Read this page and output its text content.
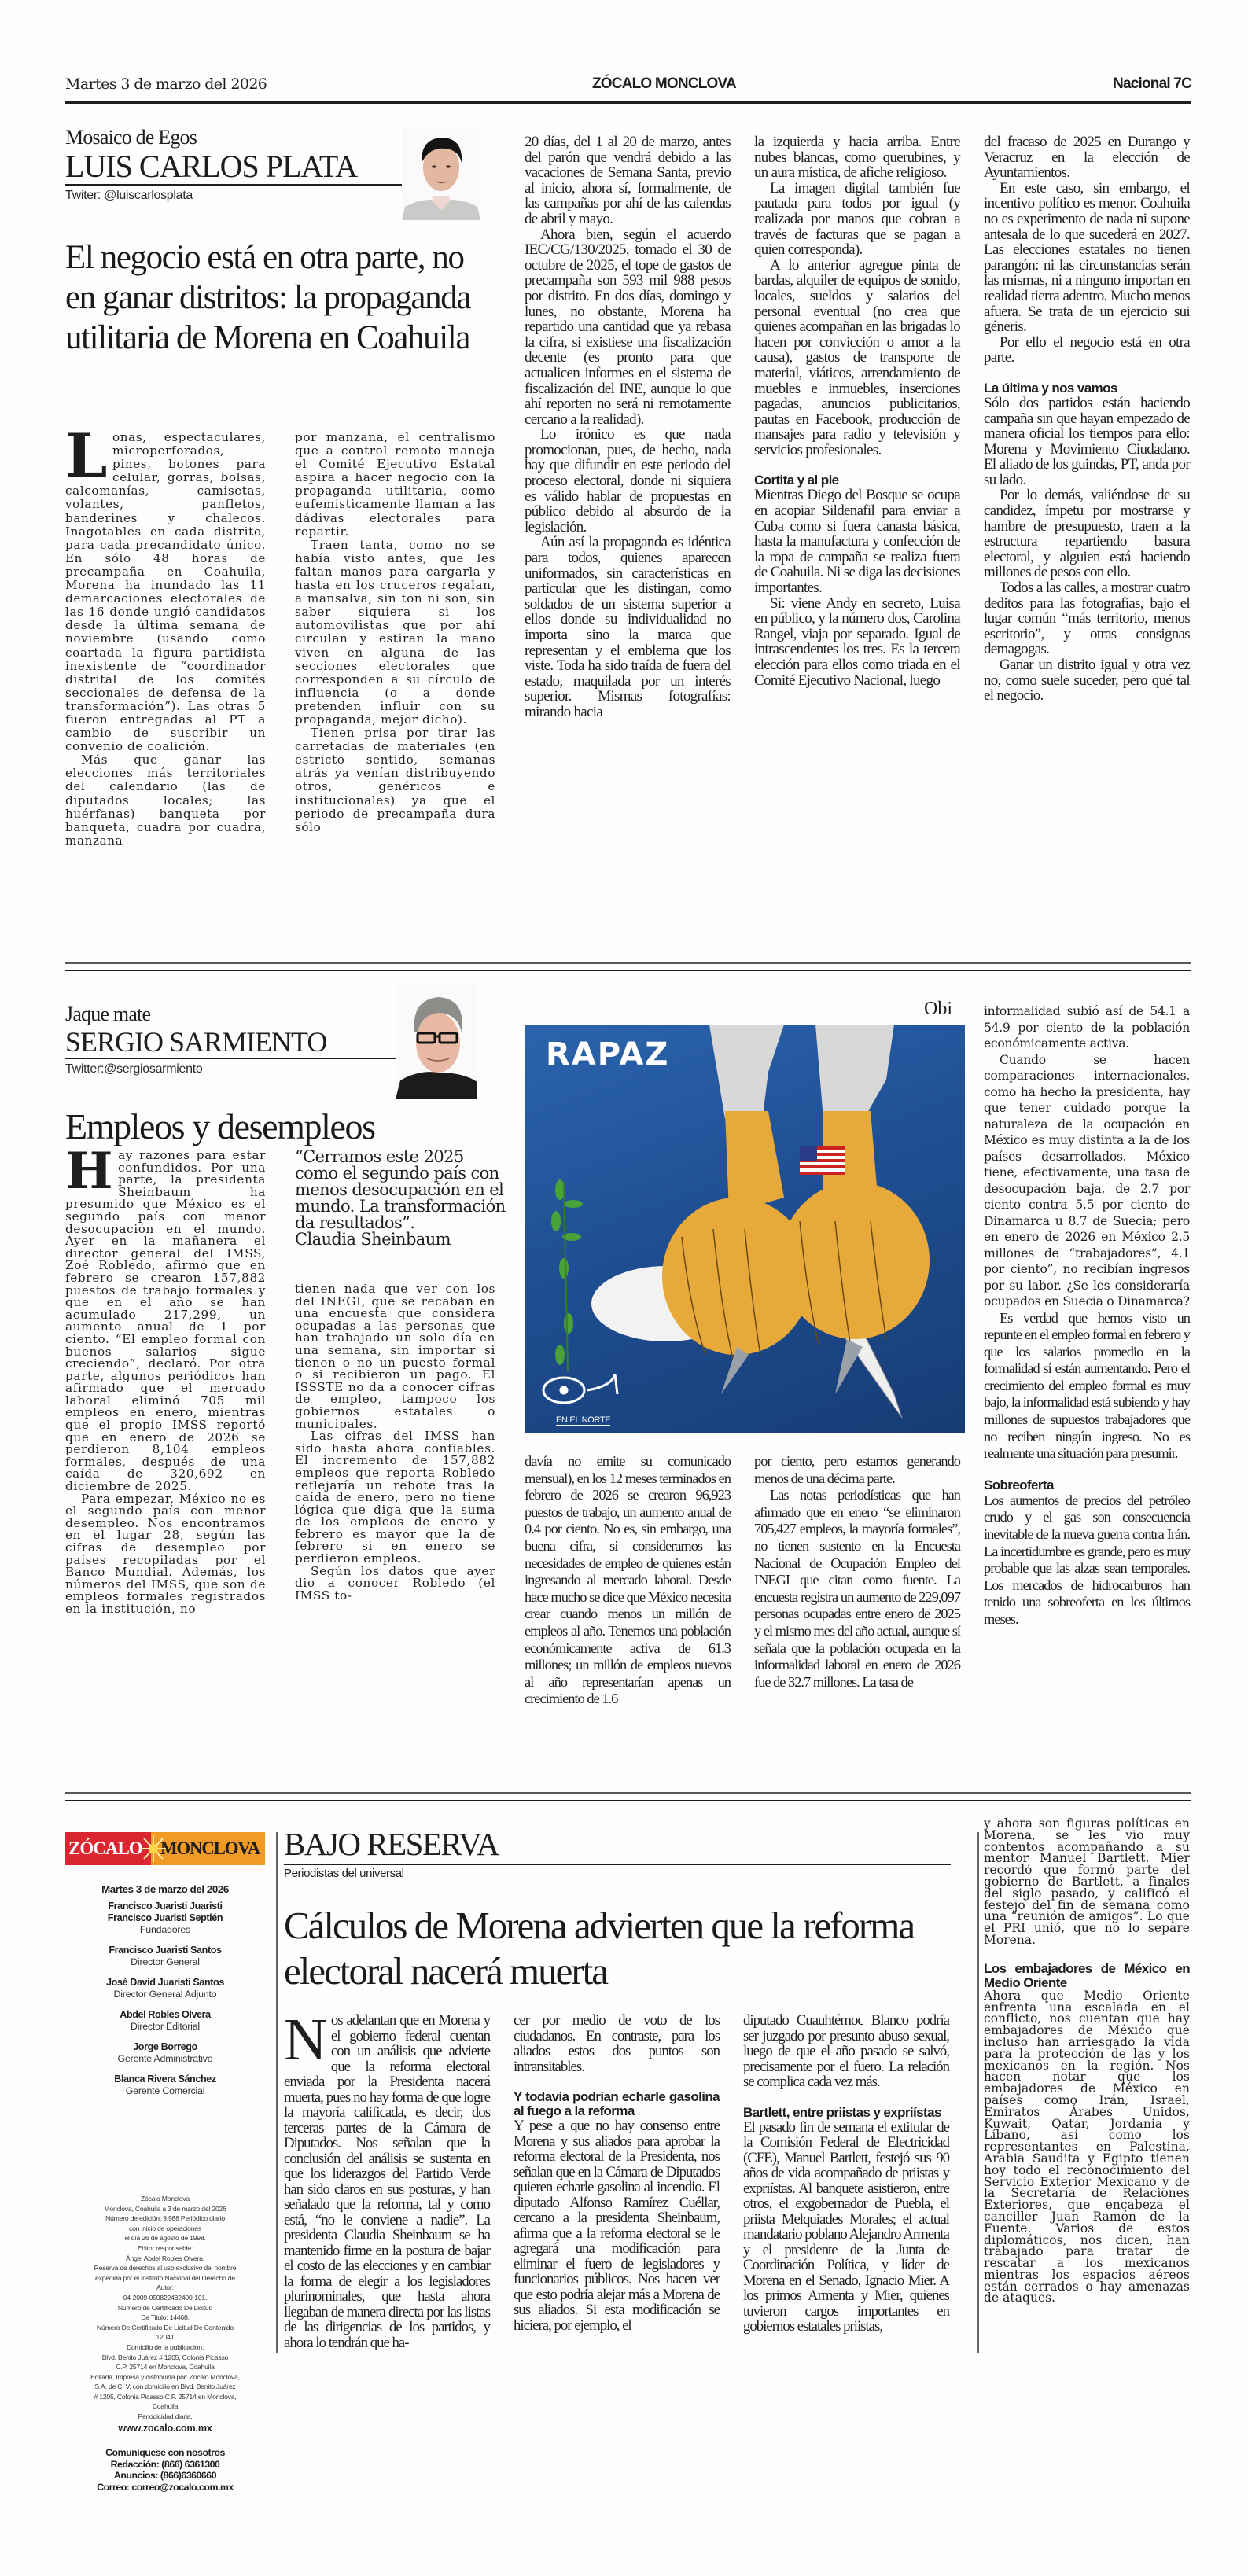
Martes 3 de marzo del 2026	ZÓCALO MONCLOVA	Nacional 7C
Mosaico de Egos
LUIS CARLOS PLATA
Twiter: @luiscarlosplata
El negocio está en otra parte, no en ganar distritos: la propaganda utilitaria de Morena en Coahuila

Lonas, espectaculares, microperforados, pines, botones para celular, gorras, bolsas, calcomanías, camisetas, volantes, panfletos, banderines y chalecos. Inagotables en cada distrito, para cada precandidato único. En sólo 48 horas de precampaña en Coahuila, Morena ha inundado las 11 demarcaciones electorales de las 16 donde ungió candidatos desde la última semana de noviembre (usando como coartada la figura partidista inexistente de “coordinador distrital de los comités seccionales de defensa de la transformación”). Las otras 5 fueron entregadas al PT a cambio de suscribir un convenio de coalición.

Más que ganar las elecciones más territoriales del calendario (las de diputados locales; las huérfanas) banqueta por banqueta, cuadra por cuadra, manzana

por manzana, el centralismo que a control remoto maneja el Comité Ejecutivo Estatal aspira a hacer negocio con la propaganda utilitaria, como eufemísticamente llaman a las dádivas electorales para repartir.

Traen tanta, como no se había visto antes, que les faltan manos para cargarla y hasta en los cruceros regalan, a mansalva, sin ton ni son, sin saber siquiera si los automovilistas que por ahí circulan y estiran la mano viven en alguna de las secciones electorales que corresponden a su círculo de influencia (o a donde pretenden influir con su propaganda, mejor dicho).

Tienen prisa por tirar las carretadas de materiales (en estricto sentido, semanas atrás ya venían distribuyendo otros, genéricos e institucionales) ya que el periodo de precampaña dura sólo

20 días, del 1 al 20 de marzo, antes del parón que vendrá debido a las vacaciones de Semana Santa, previo al inicio, ahora sí, formalmente, de las campañas por ahí de las calendas de abril y mayo.

Ahora bien, según el acuerdo IEC/CG/130/2025, tomado el 30 de octubre de 2025, el tope de gastos de precampaña son 593 mil 988 pesos por distrito. En dos días, domingo y lunes, no obstante, Morena ha repartido una cantidad que ya rebasa la cifra, si existiese una fiscalización decente (es pronto para que actualicen informes en el sistema de fiscalización del INE, aunque lo que ahí reporten no será ni remotamente cercano a la realidad).

Lo irónico es que nada promocionan, pues, de hecho, nada hay que difundir en este periodo del proceso electoral, donde ni siquiera es válido hablar de propuestas en público debido al absurdo de la legislación.

Aún así la propaganda es idéntica para todos, quienes aparecen uniformados, sin características en particular que les distingan, como soldados de un sistema superior a ellos donde su individualidad no importa sino la marca que representan y el emblema que los viste. Toda ha sido traída de fuera del estado, maquilada por un interés superior. Mismas fotografías: mirando hacia

la izquierda y hacia arriba. Entre nubes blancas, como querubines, y un aura mística, de afiche religioso.

La imagen digital también fue pautada para todos por igual (y realizada por manos que cobran a través de facturas que se pagan a quien corresponda).

A lo anterior agregue pinta de bardas, alquiler de equipos de sonido, locales, sueldos y salarios del personal eventual (no crea que quienes acompañan en las brigadas lo hacen por convicción o amor a la causa), gastos de transporte de material, viáticos, arrendamiento de muebles e inmuebles, inserciones pagadas, anuncios publicitarios, pautas en Facebook, producción de mansajes para radio y televisión y servicios profesionales.

Cortita y al pie

Mientras Diego del Bosque se ocupa en acopiar Sildenafil para enviar a Cuba como si fuera canasta básica, hasta la manufactura y confección de la ropa de campaña se realiza fuera de Coahuila. Ni se diga las decisiones importantes.

Sí: viene Andy en secreto, Luisa en público, y la número dos, Carolina Rangel, viaja por separado. Igual de intrascendentes los tres. Es la tercera elección para ellos como triada en el Comité Ejecutivo Nacional, luego

del fracaso de 2025 en Durango y Veracruz en la elección de Ayuntamientos.

En este caso, sin embargo, el incentivo político es menor. Coahuila no es experimento de nada ni supone antesala de lo que sucederá en 2027. Las elecciones estatales no tienen parangón: ni las circunstancias serán las mismas, ni a ninguno importan en realidad tierra adentro. Mucho menos afuera. Se trata de un ejercicio sui géneris.

Por ello el negocio está en otra parte.

La última y nos vamos

Sólo dos partidos están haciendo campaña sin que hayan empezado de manera oficial los tiempos para ello: Morena y Movimiento Ciudadano. El aliado de los guindas, PT, anda por su lado.

Por lo demás, valiéndose de su candidez, ímpetu por mostrarse y hambre de presupuesto, traen a la estructura repartiendo basura electoral, y alguien está haciendo millones de pesos con ello.

Todos a las calles, a mostrar cuatro deditos para las fotografías, bajo el lugar común “más territorio, menos escritorio”, y otras consignas demagogas.

Ganar un distrito igual y otra vez no, como suele suceder, pero qué tal el negocio.

Jaque mate
SERGIO SARMIENTO
Twitter:@sergiosarmiento
Empleos y desempleos

Hay razones para estar confundidos. Por una parte, la presidenta Sheinbaum ha presumido que México es el segundo país con menor desocupación en el mundo. Ayer en la mañanera el director general del IMSS, Zoé Robledo, afirmó que en febrero se crearon 157,882 puestos de trabajo formales y que en el año se han acumulado 217,299, un aumento anual de 1 por ciento. “El empleo formal con buenos salarios sigue creciendo”, declaró. Por otra parte, algunos periódicos han afirmado que el mercado laboral eliminó 705 mil empleos en enero, mientras que el propio IMSS reportó que en enero de 2026 se perdieron 8,104 empleos formales, después de una caída de 320,692 en diciembre de 2025.

Para empezar, México no es el segundo país con menor desempleo. Nos encontramos en el lugar 28, según las cifras de desempleo por países recopiladas por el Banco Mundial. Además, los números del IMSS, que son de empleos formales registrados en la institución, no

“Cerramos este 2025 como el segundo país con menos desocupación en el mundo. La transformación da resultados”.
Claudia Sheinbaum

tienen nada que ver con los del INEGI, que se recaban en una encuesta que considera ocupadas a las personas que han trabajado un solo día en una semana, sin importar si tienen o no un puesto formal o si recibieron un pago. El ISSSTE no da a conocer cifras de empleo, tampoco los gobiernos estatales o municipales.

Las cifras del IMSS han sido hasta ahora confiables. El incremento de 157,882 empleos que reporta Robledo reflejaría un rebote tras la caída de enero, pero no tiene lógica que diga que la suma de los empleos de enero y febrero es mayor que la de febrero si en enero se perdieron empleos.

Según los datos que ayer dio a conocer Robledo (el IMSS to-

Obi
RAPAZ
EN EL NORTE

davía no emite su comunicado mensual), en los 12 meses terminados en febrero de 2026 se crearon 96,923 puestos de trabajo, un aumento anual de 0.4 por ciento. No es, sin embargo, una buena cifra, si consideramos las necesidades de empleo de quienes están ingresando al mercado laboral. Desde hace mucho se dice que México necesita crear cuando menos un millón de empleos al año. Tenemos una población económicamente activa de 61.3 millones; un millón de empleos nuevos al año representarían apenas un crecimiento de 1.6

por ciento, pero estamos generando menos de una décima parte.

Las notas periodísticas que han afirmado que en enero “se eliminaron 705,427 empleos, la mayoría formales”, no tienen sustento en la Encuesta Nacional de Ocupación Empleo del INEGI que citan como fuente. La encuesta registra un aumento de 229,097 personas ocupadas entre enero de 2025 y el mismo mes del año actual, aunque sí señala que la población ocupada en la informalidad laboral en enero de 2026 fue de 32.7 millones. La tasa de

informalidad subió así de 54.1 a 54.9 por ciento de la población económicamente activa.

Cuando se hacen comparaciones internacionales, como ha hecho la presidenta, hay que tener cuidado porque la naturaleza de la ocupación en México es muy distinta a la de los países desarrollados. México tiene, efectivamente, una tasa de desocupación baja, de 2.7 por ciento contra 5.5 por ciento de Dinamarca u 8.7 de Suecia; pero en enero de 2026 en México 2.5 millones de “trabajadores”, 4.1 por ciento”, no recibían ingresos por su labor. ¿Se les consideraría ocupados en Suecia o Dinamarca?

Es verdad que hemos visto un repunte en el empleo formal en febrero y que los salarios promedio en la formalidad sí están aumentando. Pero el crecimiento del empleo formal es muy bajo, la informalidad está subiendo y hay millones de supuestos trabajadores que no reciben ningún ingreso. No es realmente una situación para presumir.

Sobreoferta

Los aumentos de precios del petróleo crudo y el gas son consecuencia inevitable de la nueva guerra contra Irán. La incertidumbre es grande, pero es muy probable que las alzas sean temporales. Los mercados de hidrocarburos han tenido una sobreoferta en los últimos meses.

ZÓCALO	MONCLOVA
Martes 3 de marzo del 2026
Francisco Juaristi Juaristi
Francisco Juaristi Septién
Fundadores
Francisco Juaristi Santos
Director General
José David Juaristi Santos
Director General Adjunto
Abdel Robles Olvera
Director Editorial
Jorge Borrego
Gerente Administrativo
Blanca Rivera Sánchez
Gerente Comercial
Zócalo Monclova
Monclova, Coahuila a 3 de marzo del 2026
Número de edición: 9,988 Periódico diario
con inicio de operaciones
el día 26 de agosto de 1998.
Editor responsable:
Ángel Abdel Robles Olvera.
Reserva de derechos al uso exclusivo del nombre
expedida por el Instituto Nacional del Derecho de
Autor:
04-2009-050822432400-101.
Número de Certificado De Licitud
De Titulo: 14468.
Número De Certificado De Licitud De Contenido
12041
Domicilio de la publicación:
Blvd. Benito Juárez # 1205, Colonia Picasso
C.P. 25714 en Monclova, Coahuila
Editada, Impresa y distribuida por: Zócalo Monclova,
S.A. de C. V. con domicilio en Blvd. Benito Juárez
# 1205, Colonia Picasso C.P. 25714 en Monclova,
Coahuila
Periodicidad diaria.
www.zocalo.com.mx
Comuníquese con nosotros
Redacción: (866) 6361300
Anuncios: (866)6360660
Correo: correo@zocalo.com.mx
BAJO RESERVA
Periodistas del universal
Cálculos de Morena advierten que la reforma electoral nacerá muerta

Nos adelantan que en Morena y el gobierno federal cuentan con un análisis que advierte que la reforma electoral enviada por la Presidenta nacerá muerta, pues no hay forma de que logre la mayoría calificada, es decir, dos terceras partes de la Cámara de Diputados. Nos señalan que la conclusión del análisis se sustenta en que los liderazgos del Partido Verde han sido claros en sus posturas, y han señalado que la reforma, tal y como está, “no le conviene a nadie”. La presidenta Claudia Sheinbaum se ha mantenido firme en la postura de bajar el costo de las elecciones y en cambiar la forma de elegir a los legisladores plurinominales, que hasta ahora llegaban de manera directa por las listas de las dirigencias de los partidos, y ahora lo tendrán que ha-

cer por medio de voto de los ciudadanos. En contraste, para los aliados estos dos puntos son intransitables.

Y todavía podrían echarle gasolina al fuego a la reforma

Y pese a que no hay consenso entre Morena y sus aliados para aprobar la reforma electoral de la Presidenta, nos señalan que en la Cámara de Diputados quieren echarle gasolina al incendio. El diputado Alfonso Ramírez Cuéllar, cercano a la presidenta Sheinbaum, afirma que a la reforma electoral se le agregará una modificación para eliminar el fuero de legisladores y funcionarios públicos. Nos hacen ver que esto podría alejar más a Morena de sus aliados. Si esta modificación se hiciera, por ejemplo, el

diputado Cuauhtémoc Blanco podría ser juzgado por presunto abuso sexual, luego de que el año pasado se salvó, precisamente por el fuero. La relación se complica cada vez más.

Bartlett, entre priistas y expriístas

El pasado fin de semana el extitular de la Comisión Federal de Electricidad (CFE), Manuel Bartlett, festejó sus 90 años de vida acompañado de priistas y expriístas. Al banquete asistieron, entre otros, el exgobernador de Puebla, el priista Melquiades Morales; el actual mandatario poblano Alejandro Armenta y el presidente de la Junta de Coordinación Política, y líder de Morena en el Senado, Ignacio Mier. A los primos Armenta y Mier, quienes tuvieron cargos importantes en gobiernos estatales priistas,

y ahora son figuras políticas en Morena, se les vio muy contentos acompañando a su mentor Manuel Bartlett. Mier recordó que formó parte del gobierno de Bartlett, a finales del siglo pasado, y calificó el festejo del fin de semana como una “reunión de amigos”. Lo que el PRI unió, que no lo separe Morena.

Los embajadores de México en Medio Oriente

Ahora que Medio Oriente enfrenta una escalada en el conflicto, nos cuentan que hay embajadores de México que incluso han arriesgado la vida para la protección de las y los mexicanos en la región. Nos hacen notar que los embajadores de México en países como Irán, Israel, Emiratos Árabes Unidos, Kuwait, Qatar, Jordania y Líbano, así como los representantes en Palestina, Arabia Saudita y Egipto tienen hoy todo el reconocimiento del Servicio Exterior Mexicano y de la Secretaría de Relaciones Exteriores, que encabeza el canciller Juan Ramón de la Fuente. Varios de estos diplomáticos, nos dicen, han trabajado para tratar de rescatar a los mexicanos mientras los espacios aéreos están cerrados o hay amenazas de ataques.
